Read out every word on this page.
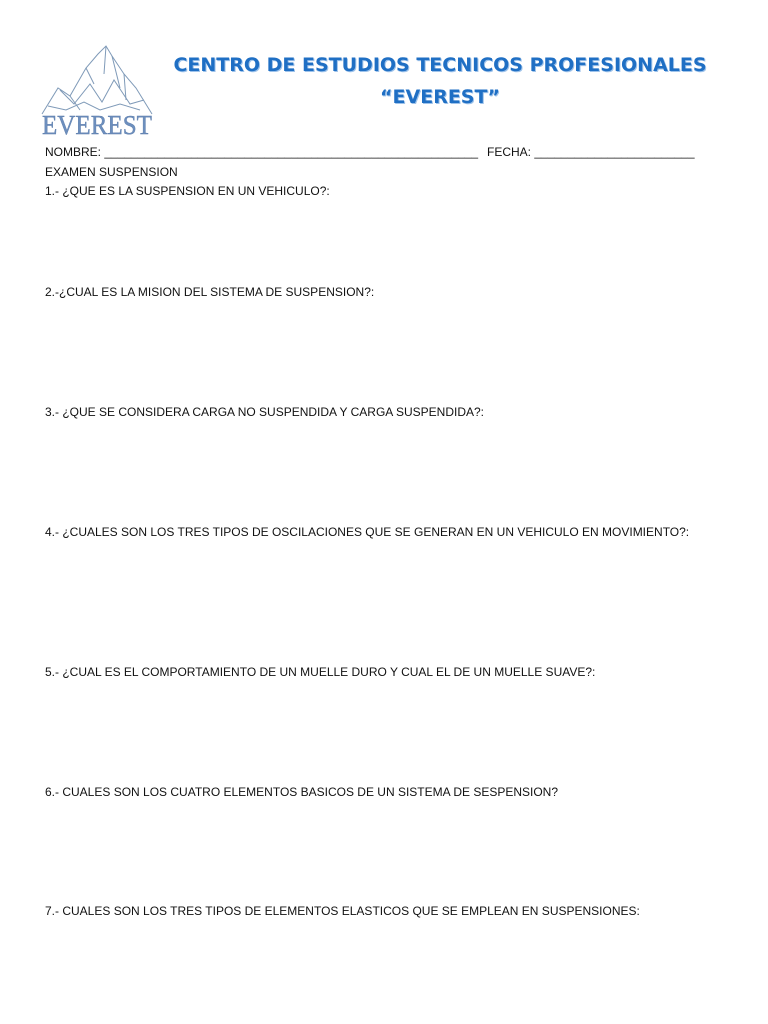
EVEREST
CENTRO DE ESTUDIOS TECNICOS PROFESIONALES
“EVEREST”
NOMBRE: ________________________________________________________ FECHA: ________________________
EXAMEN SUSPENSION
1.- ¿QUE ES LA SUSPENSION EN UN VEHICULO?:
2.-¿CUAL ES LA MISION DEL SISTEMA DE SUSPENSION?:
3.- ¿QUE SE CONSIDERA CARGA NO SUSPENDIDA Y CARGA SUSPENDIDA?:
4.- ¿CUALES SON LOS TRES TIPOS DE OSCILACIONES QUE SE GENERAN EN UN VEHICULO EN MOVIMIENTO?:
5.- ¿CUAL ES EL COMPORTAMIENTO DE UN MUELLE DURO Y CUAL EL DE UN MUELLE SUAVE?:
6.- CUALES SON LOS CUATRO ELEMENTOS BASICOS DE UN SISTEMA DE SESPENSION?
7.- CUALES SON LOS TRES TIPOS DE ELEMENTOS ELASTICOS QUE SE EMPLEAN EN SUSPENSIONES:
